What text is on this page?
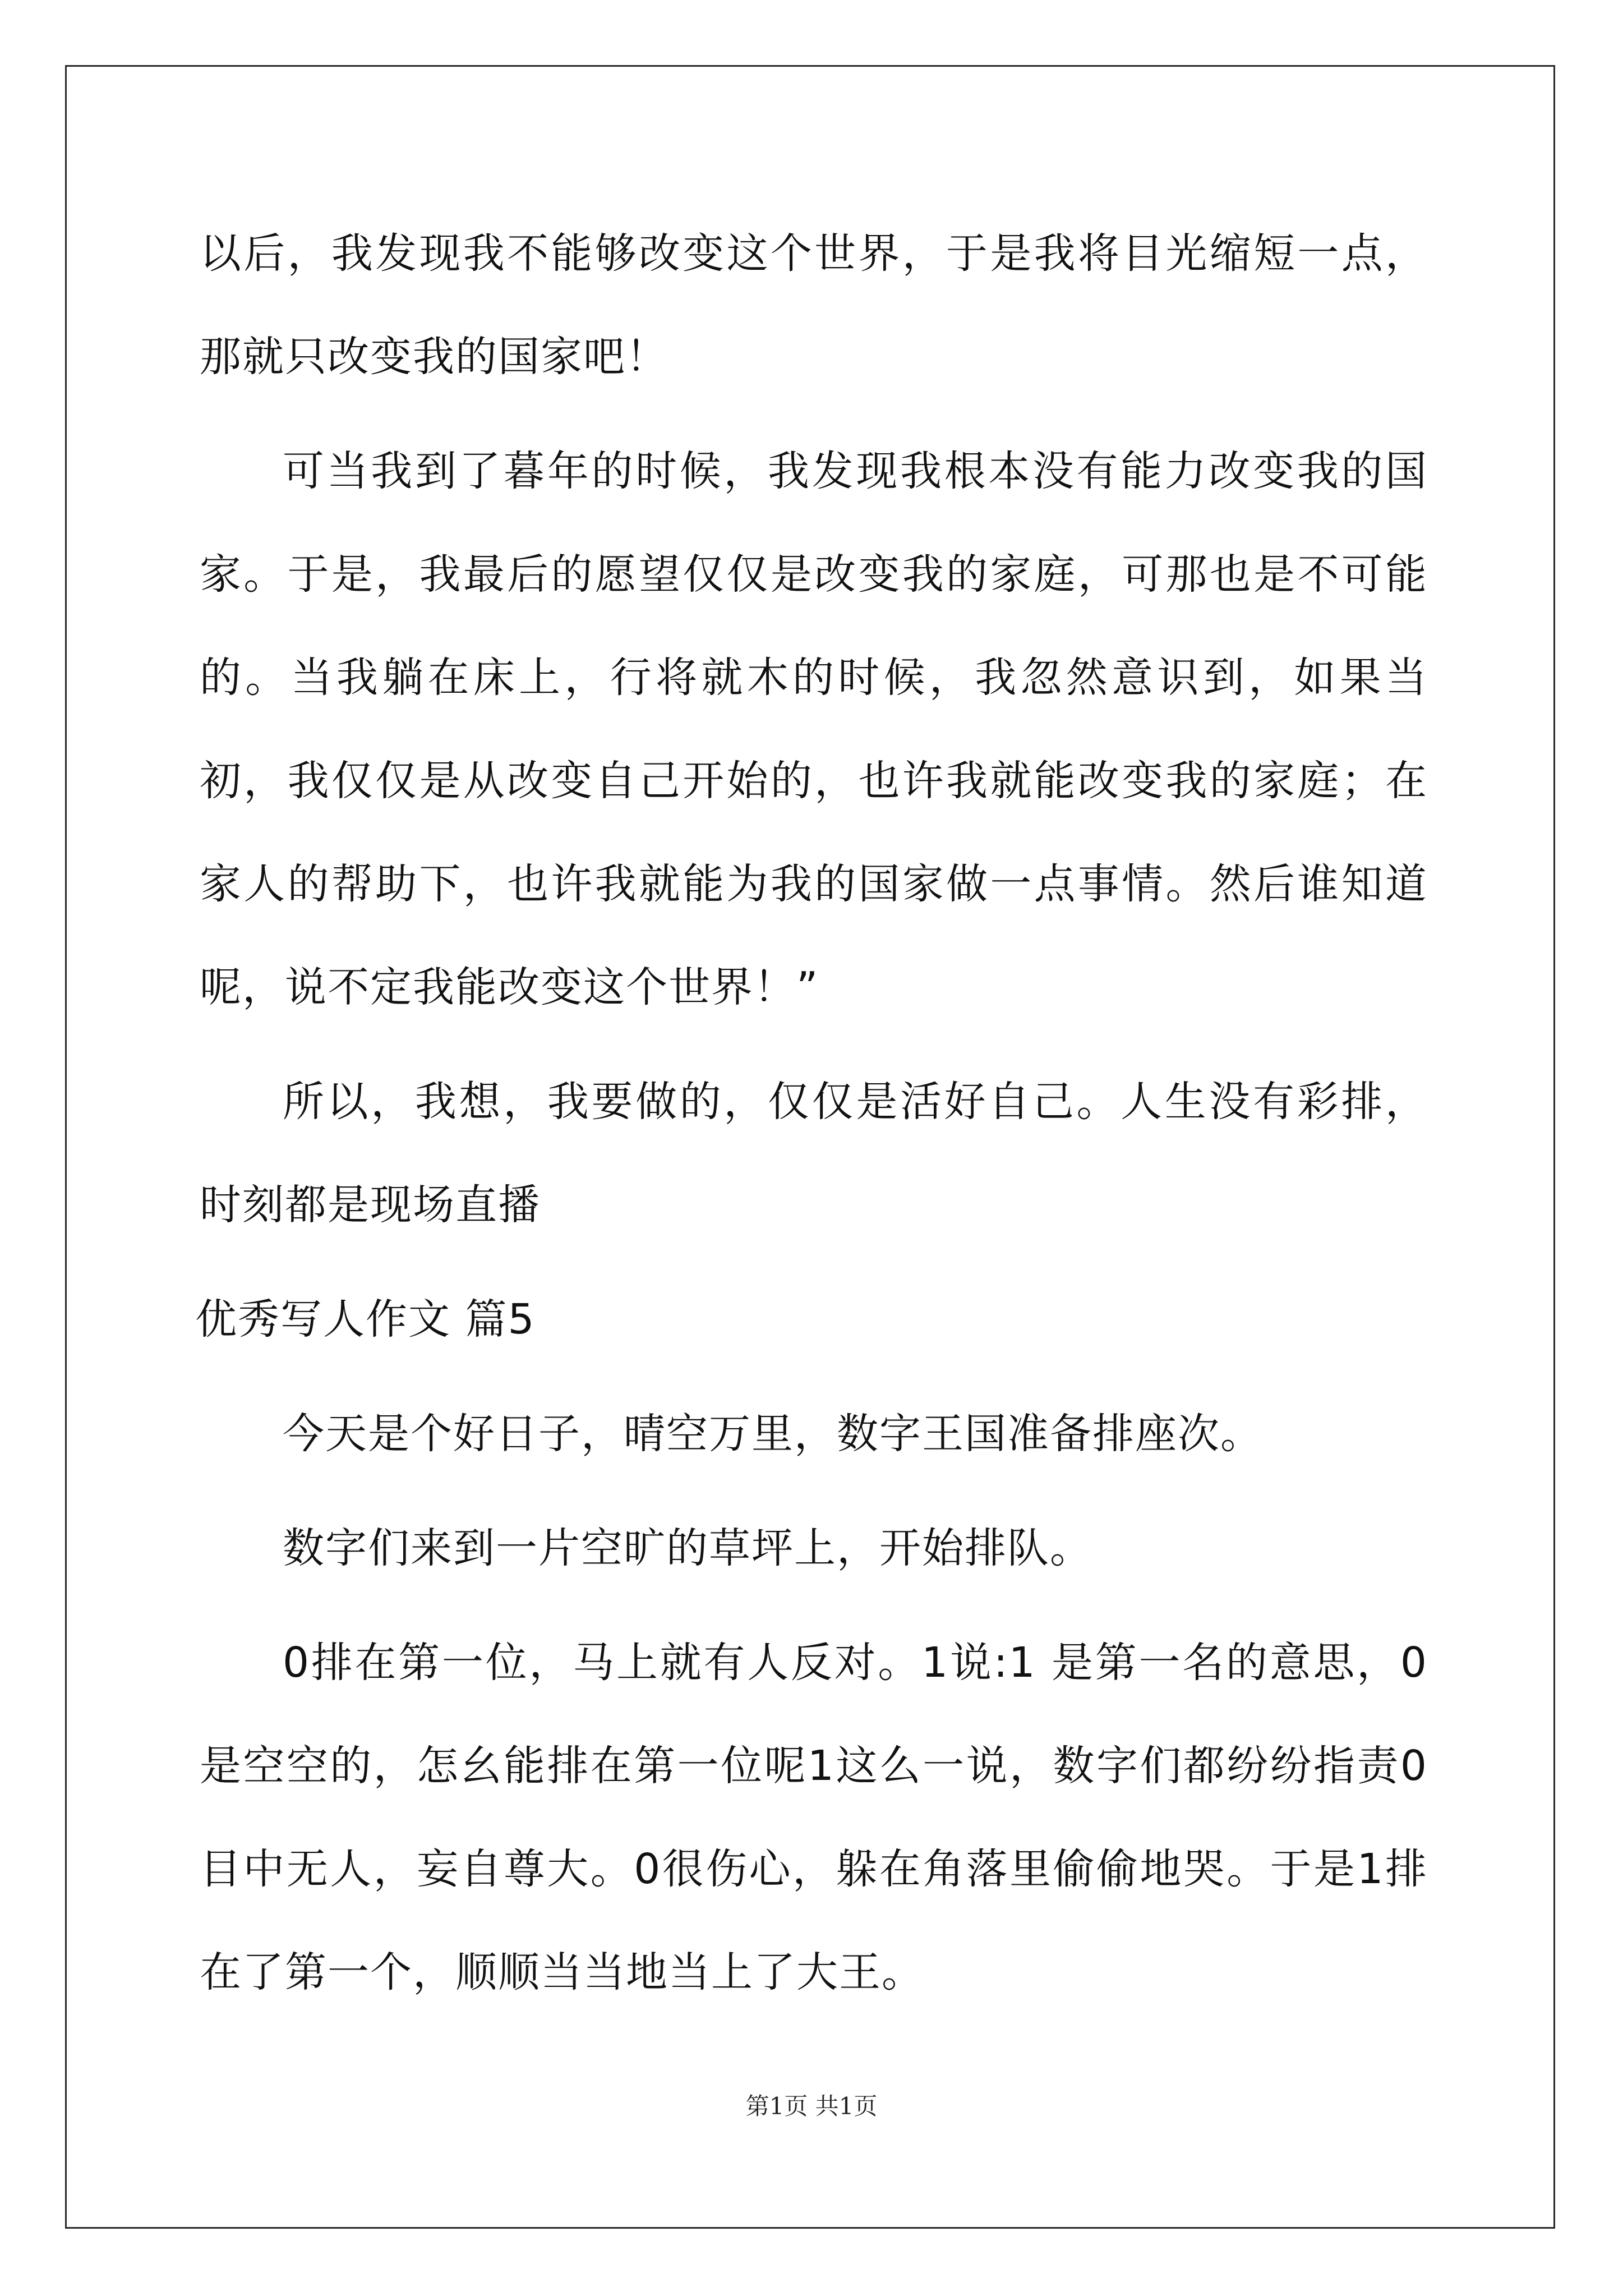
以后，我发现我不能够改变这个世界，于是我将目光缩短一点，那就只改变我的国家吧！

可当我到了暮年的时候，我发现我根本没有能力改变我的国家。于是，我最后的愿望仅仅是改变我的家庭，可那也是不可能的。当我躺在床上，行将就木的时候，我忽然意识到，如果当初，我仅仅是从改变自己开始的，也许我就能改变我的家庭；在家人的帮助下，也许我就能为我的国家做一点事情。然后谁知道呢，说不定我能改变这个世界！”

所以，我想，我要做的，仅仅是活好自己。人生没有彩排，时刻都是现场直播

优秀写人作文 篇5

今天是个好日子，晴空万里，数字王国准备排座次。

数字们来到一片空旷的草坪上，开始排队。

0排在第一位，马上就有人反对。1说:1 是第一名的意思，0 是空空的，怎幺能排在第一位呢1这么一说，数字们都纷纷指责0目中无人，妄自尊大。0很伤心，躲在角落里偷偷地哭。于是1排在了第一个，顺顺当当地当上了大王。

第1页 共1页
